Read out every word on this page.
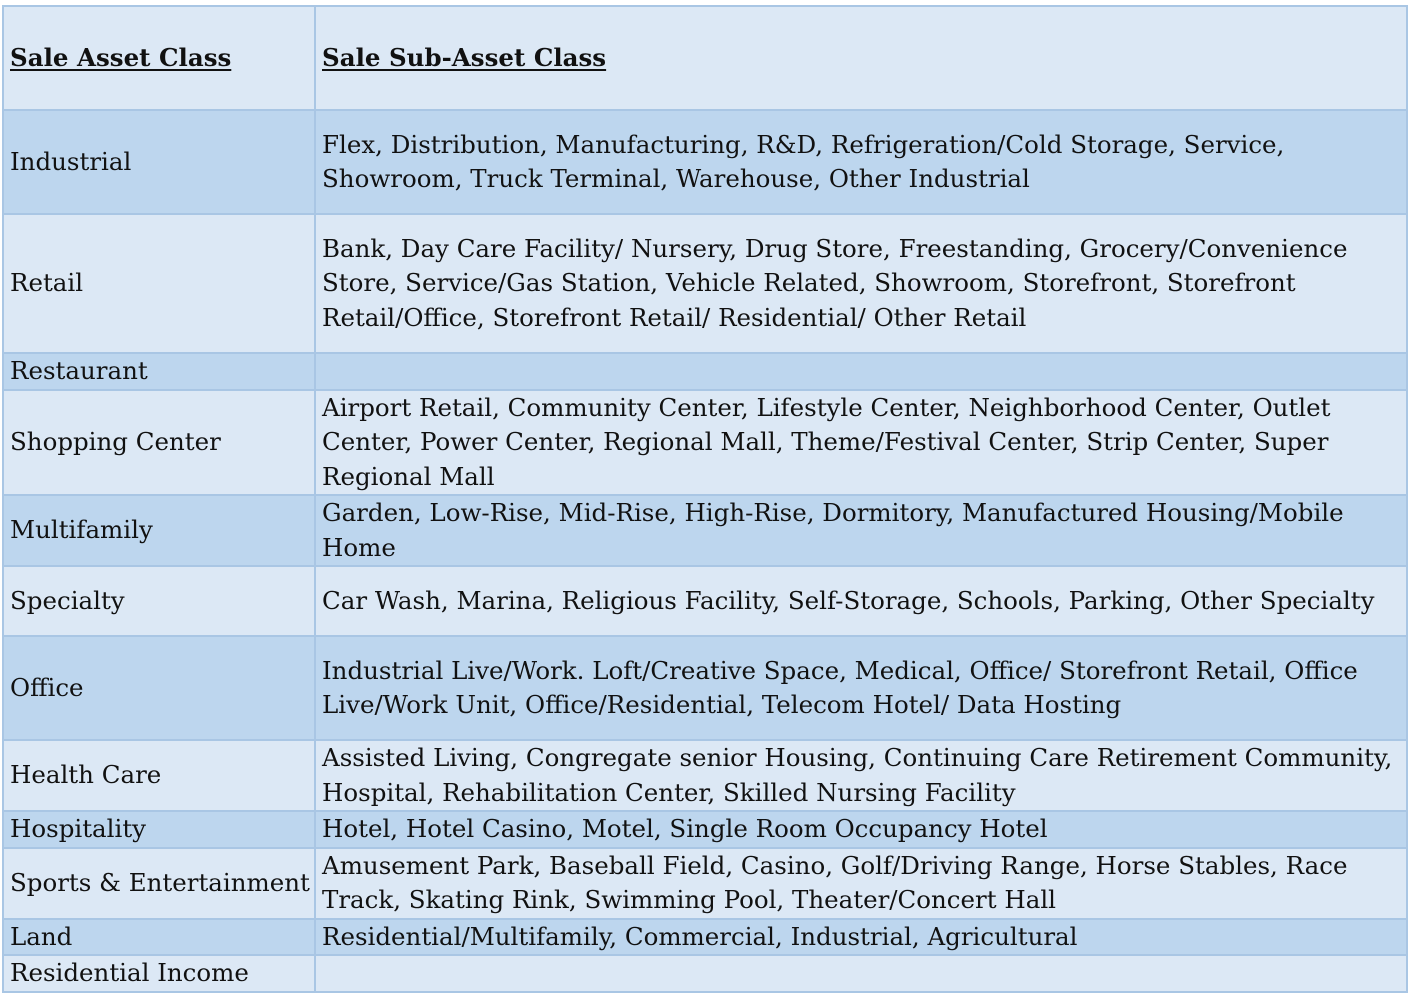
Sale Asset Class	Sale Sub-Asset Class
Industrial	Flex, Distribution, Manufacturing, R&D, Refrigeration/Cold Storage, Service, Showroom, Truck Terminal, Warehouse, Other Industrial
Retail	Bank, Day Care Facility/ Nursery, Drug Store, Freestanding, Grocery/Convenience Store, Service/Gas Station, Vehicle Related, Showroom, Storefront, Storefront Retail/Office, Storefront Retail/ Residential/ Other Retail
Restaurant	
Shopping Center	Airport Retail, Community Center, Lifestyle Center, Neighborhood Center, Outlet Center, Power Center, Regional Mall, Theme/Festival Center, Strip Center, Super Regional Mall
Multifamily	Garden, Low-Rise, Mid-Rise, High-Rise, Dormitory, Manufactured Housing/Mobile Home
Specialty	Car Wash, Marina, Religious Facility, Self-Storage, Schools, Parking, Other Specialty
Office	Industrial Live/Work. Loft/Creative Space, Medical, Office/ Storefront Retail, Office Live/Work Unit, Office/Residential, Telecom Hotel/ Data Hosting
Health Care	Assisted Living, Congregate senior Housing, Continuing Care Retirement Community, Hospital, Rehabilitation Center, Skilled Nursing Facility
Hospitality	Hotel, Hotel Casino, Motel, Single Room Occupancy Hotel
Sports & Entertainment	Amusement Park, Baseball Field, Casino, Golf/Driving Range, Horse Stables, Race Track, Skating Rink, Swimming Pool, Theater/Concert Hall
Land	Residential/Multifamily, Commercial, Industrial, Agricultural
Residential Income	
